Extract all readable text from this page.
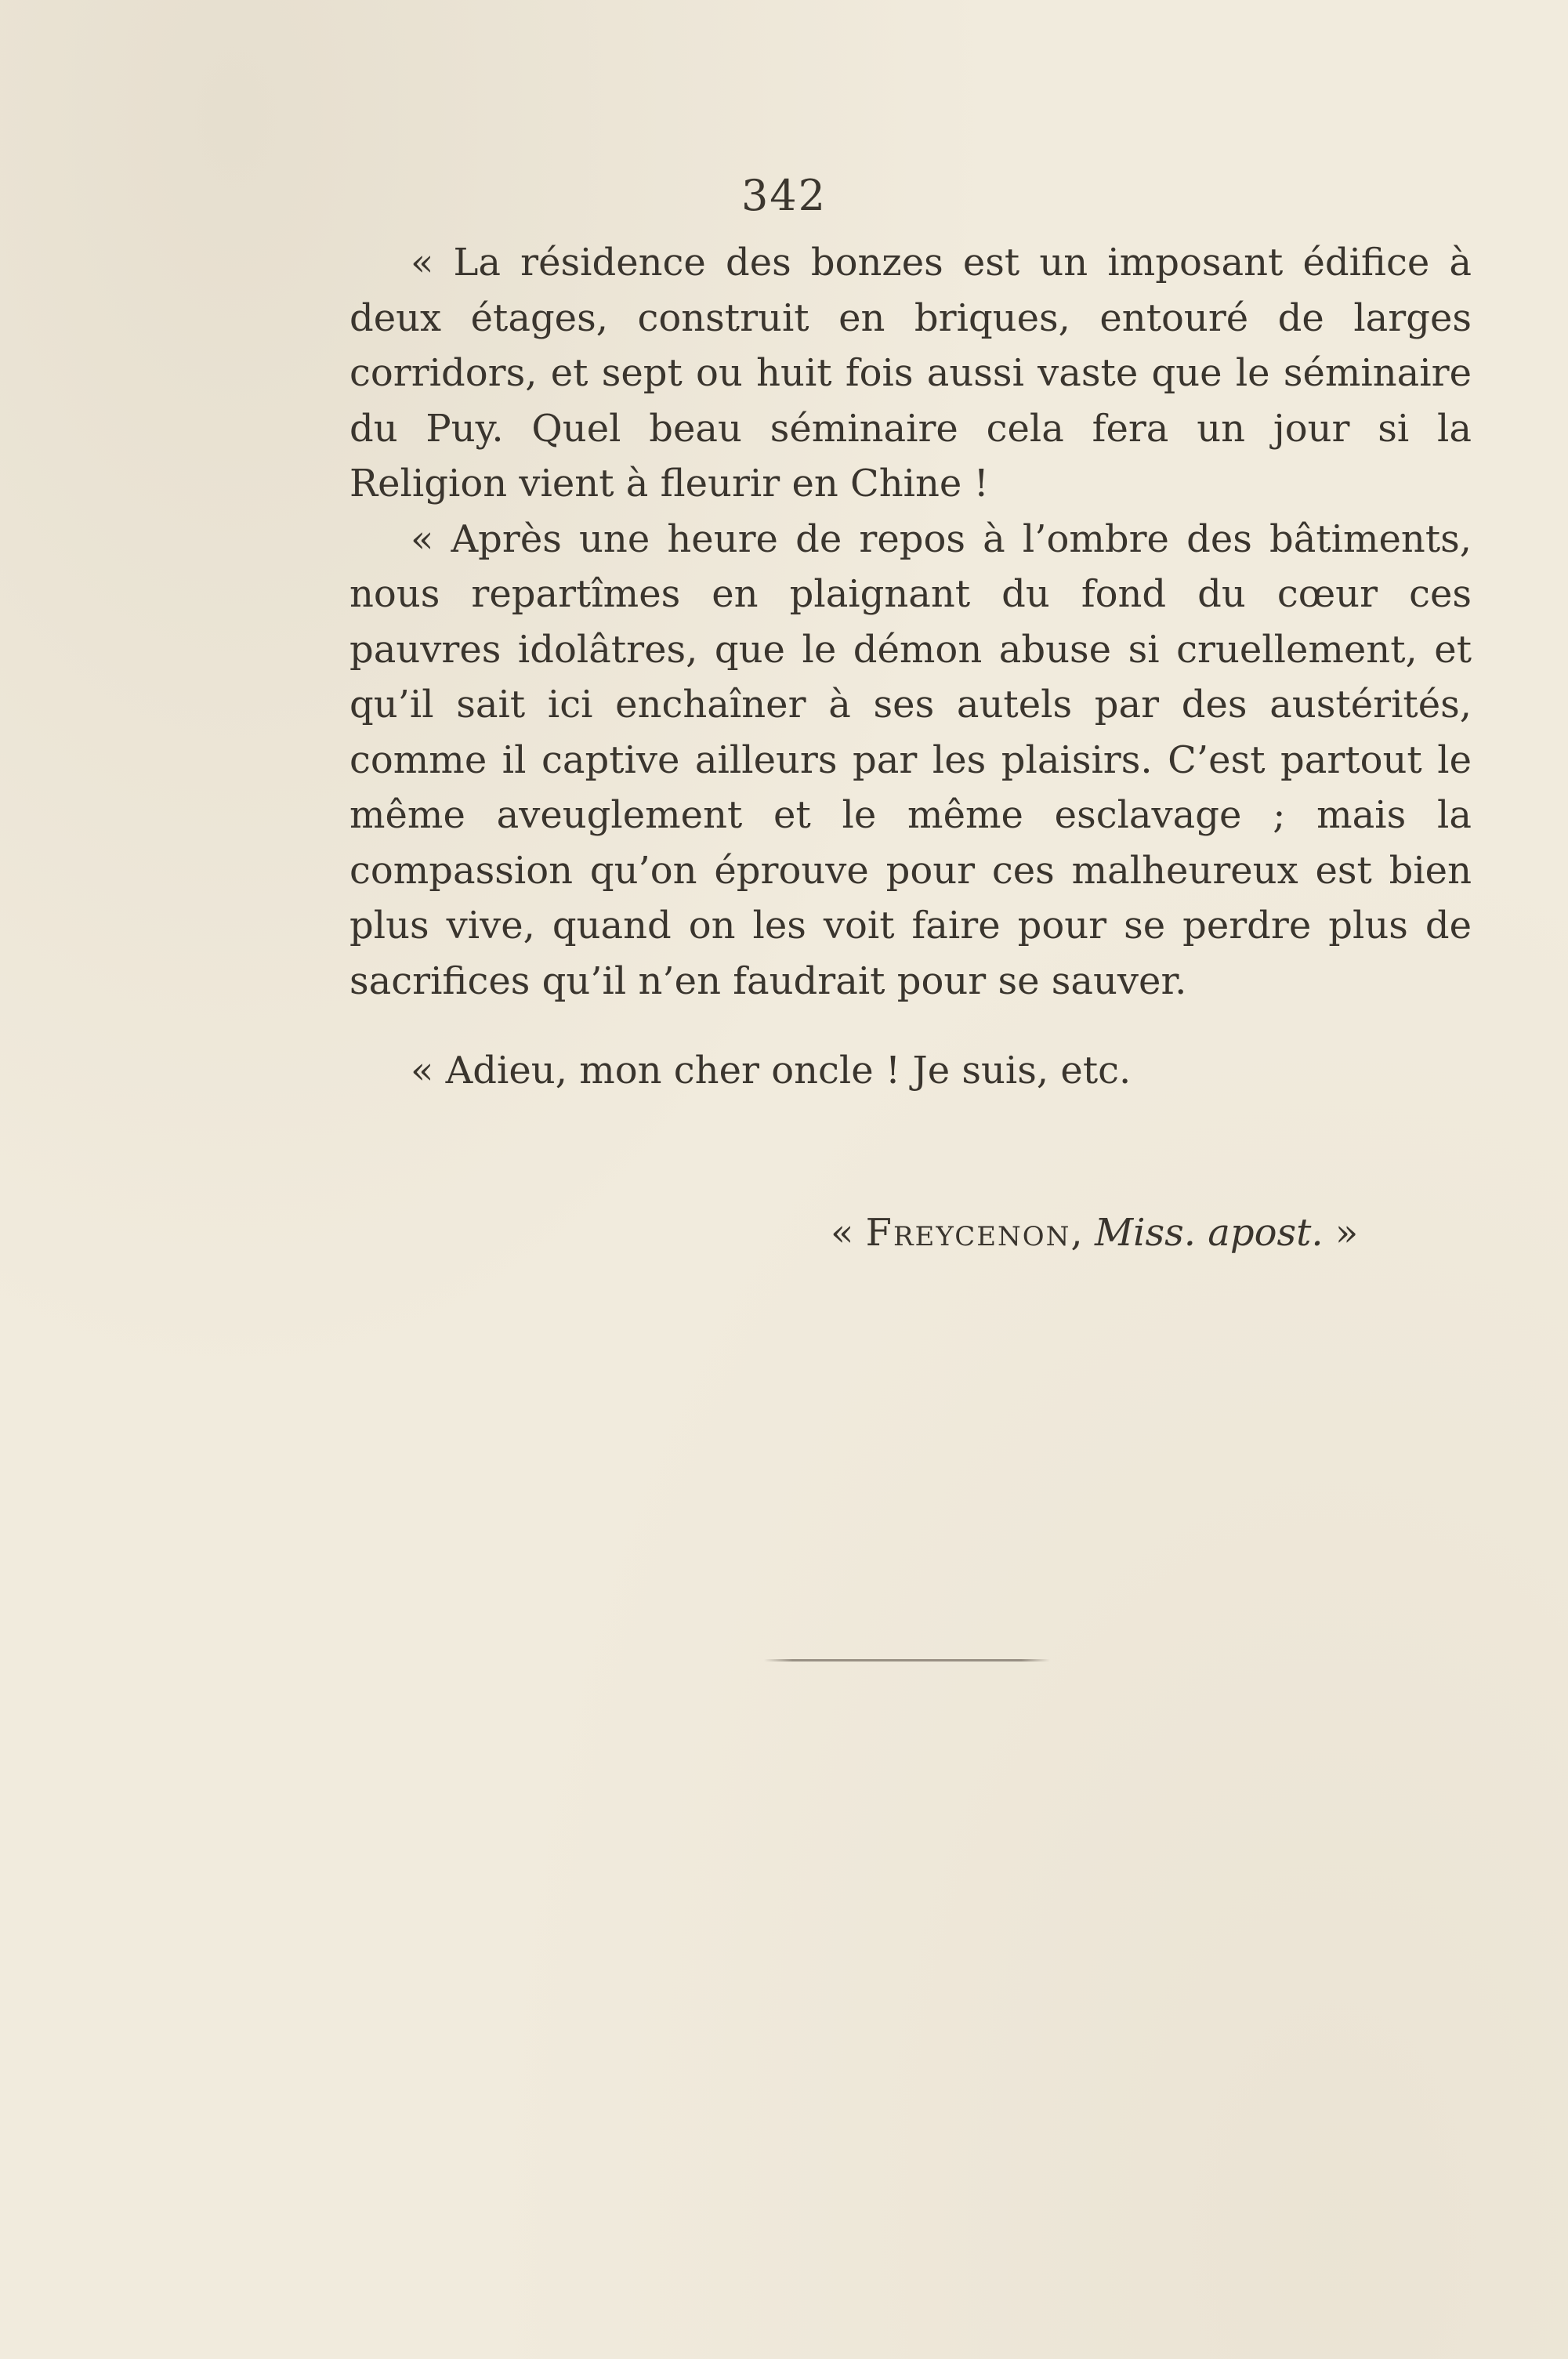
342

« La résidence des bonzes est un imposant édifice à deux étages, construit en briques, entouré de larges corridors, et sept ou huit fois aussi vaste que le séminaire du Puy. Quel beau séminaire cela fera un jour si la Religion vient à fleurir en Chine !

« Après une heure de repos à l’ombre des bâtiments, nous repartîmes en plaignant du fond du cœur ces pauvres idolâtres, que le démon abuse si cruellement, et qu’il sait ici enchaîner à ses autels par des austérités, comme il captive ailleurs par les plaisirs. C’est partout le même aveuglement et le même esclavage ; mais la compassion qu’on éprouve pour ces malheureux est bien plus vive, quand on les voit faire pour se perdre plus de sacrifices qu’il n’en faudrait pour se sauver.

« Adieu, mon cher oncle ! Je suis, etc.

« Freycenon, Miss. apost. »
